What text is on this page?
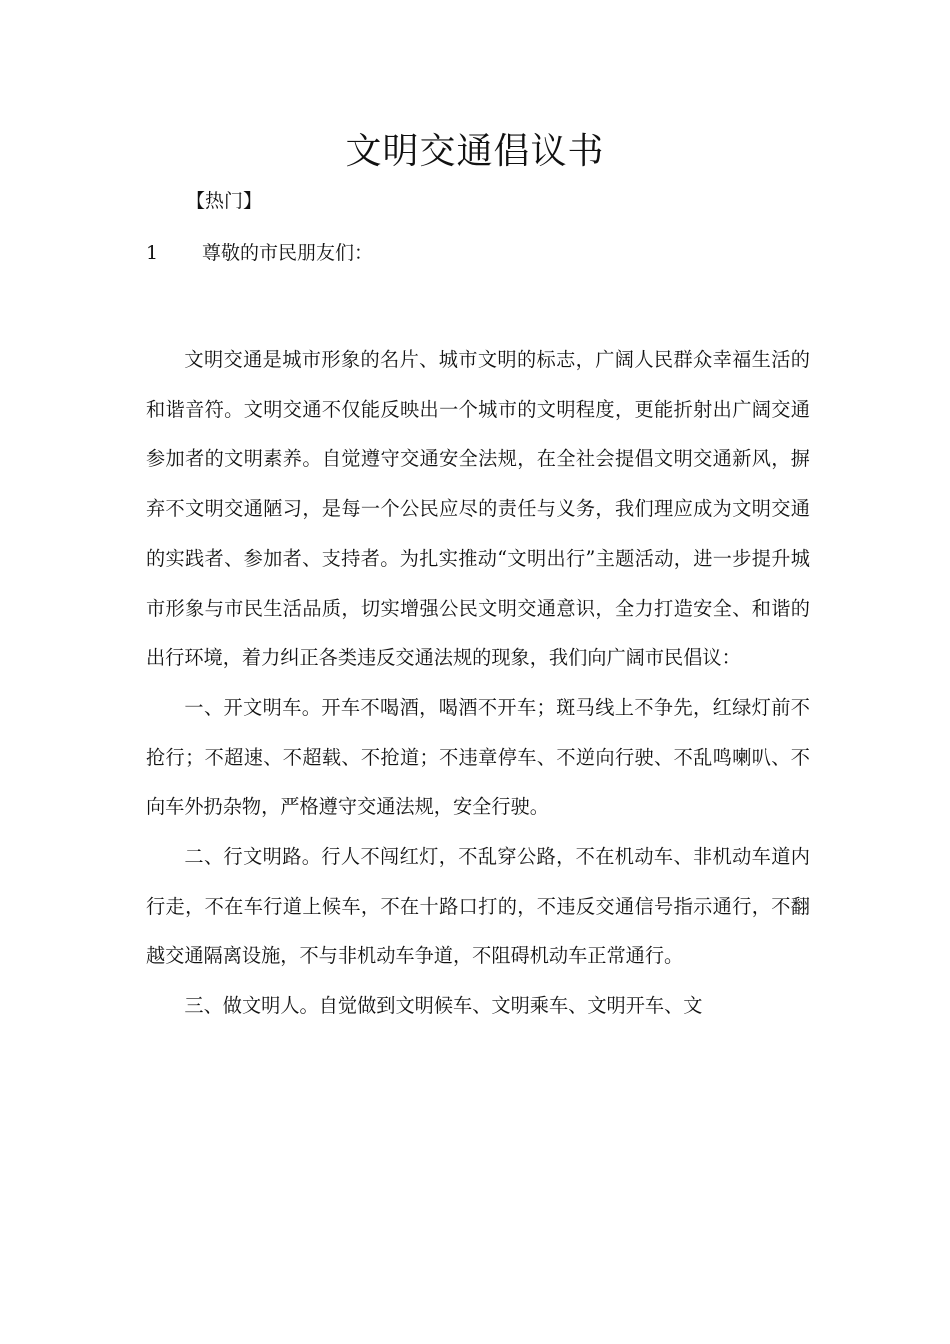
文明交通倡议书
【热门】
1 尊敬的市民朋友们：

文明交通是城市形象的名片、城市文明的标志，广阔人民群众幸福生活的和谐音符。文明交通不仅能反映出一个城市的文明程度，更能折射出广阔交通参加者的文明素养。自觉遵守交通安全法规，在全社会提倡文明交通新风，摒弃不文明交通陋习，是每一个公民应尽的责任与义务，我们理应成为文明交通的实践者、参加者、支持者。为扎实推动“文明出行”主题活动，进一步提升城市形象与市民生活品质，切实增强公民文明交通意识，全力打造安全、和谐的出行环境，着力纠正各类违反交通法规的现象，我们向广阔市民倡议：

一、开文明车。开车不喝酒，喝酒不开车；斑马线上不争先，红绿灯前不抢行；不超速、不超载、不抢道；不违章停车、不逆向行驶、不乱鸣喇叭、不向车外扔杂物，严格遵守交通法规，安全行驶。

二、行文明路。行人不闯红灯，不乱穿公路，不在机动车、非机动车道内行走，不在车行道上候车，不在十路口打的，不违反交通信号指示通行，不翻越交通隔离设施，不与非机动车争道，不阻碍机动车正常通行。

三、做文明人。自觉做到文明候车、文明乘车、文明开车、文
